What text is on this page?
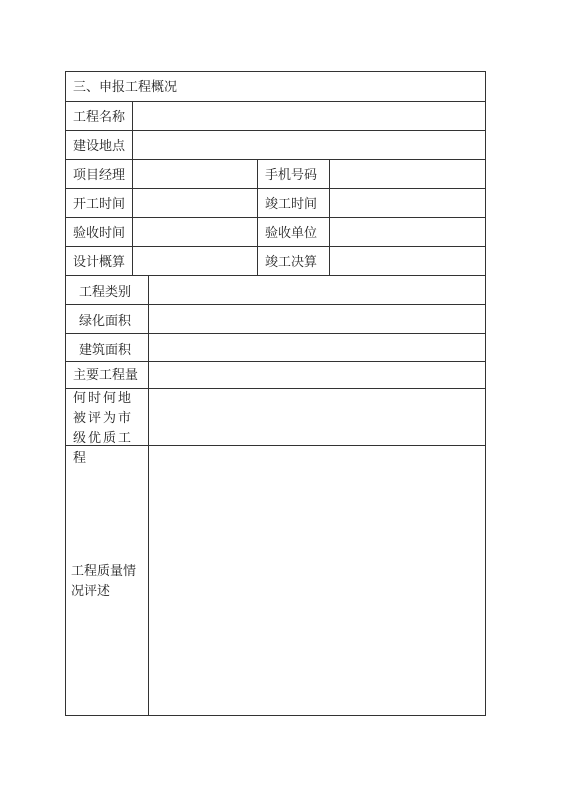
三、申报工程概况
工程名称
建设地点
项目经理	手机号码
开工时间	竣工时间
验收时间	验收单位
设计概算	竣工决算
工程类别
绿化面积
建筑面积
主要工程量
何时何地被评为市级优质工程
工程质量情况评述
